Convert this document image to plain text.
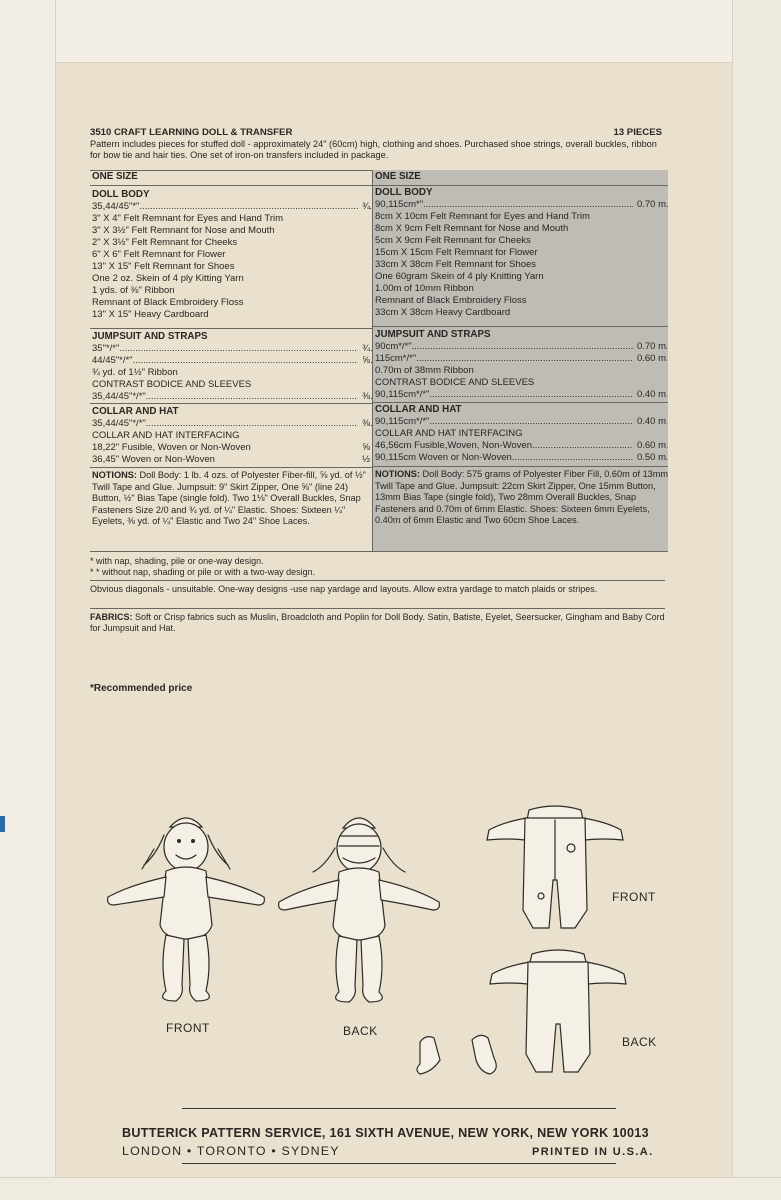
3510 CRAFT LEARNING DOLL & TRANSFER	13 PIECES
Pattern includes pieces for stuffed doll - approximately 24" (60cm) high, clothing and shoes. Purchased shoe strings, overall buckles, ribbon for bow tie and hair ties. One set of iron-on transfers included in package.
ONE SIZE
DOLL BODY
35,44/45"*" .....	¾
3" X 4" Felt Remnant for Eyes and Hand Trim
3" X 3½" Felt Remnant for Nose and Mouth
2" X 3½" Felt Remnant for Cheeks
6" X 6" Felt Remnant for Flower
13" X 15" Felt Remnant for Shoes
One 2 oz. Skein of 4 ply Kitting Yarn
1 yds. of ⅜" Ribbon
Remnant of Black Embroidery Floss
13" X 15" Heavy Cardboard
JUMPSUIT AND STRAPS
35"*/*" .....	¾
44/45"*/*" .....	⅝
¾ yd. of 1½" Ribbon
CONTRAST BODICE AND SLEEVES
35,44/45"*/*" .....	⅜
COLLAR AND HAT
35,44/45"*/*" .....	⅜
COLLAR AND HAT INTERFACING
18,22" Fusible, Woven or Non-Woven	⅝
36,45" Woven or Non-Woven	½
NOTIONS: Doll Body: 1 lb. 4 ozs. of Polyester Fiber-fill, ⅝ yd. of ½" Twill Tape and Glue. Jumpsuit: 9" Skirt Zipper, One ⅝" (line 24) Button, ½" Bias Tape (single fold). Two 1⅛" Overall Buckles, Snap Fasteners Size 2/0 and ¾ yd. of ¼" Elastic. Shoes: Sixteen ¼" Eyelets, ⅜ yd. of ¼" Elastic and Two 24" Shoe Laces.
ONE SIZE
DOLL BODY
90,115cm*" .....	0.70 m
8cm X 10cm Felt Remnant for Eyes and Hand Trim
8cm X 9cm Felt Remnant for Nose and Mouth
5cm X 9cm Felt Remnant for Cheeks
15cm X 15cm Felt Remnant for Flower
33cm X 38cm Felt Remnant for Shoes
One 60gram Skein of 4 ply Knitting Yarn
1.00m of 10mm Ribbon
Remnant of Black Embroidery Floss
33cm X 38cm Heavy Cardboard
JUMPSUIT AND STRAPS
90cm*/*" .....	0.70 m
115cm*/*" .....	0.60 m
0.70m of 38mm Ribbon
CONTRAST BODICE AND SLEEVES
90,115cm*/*" .....	0.40 m
COLLAR AND HAT
90,115cm*/*" .....	0.40 m
COLLAR AND HAT INTERFACING
46,56cm Fusible,Woven, Non-Woven .....	0.60 m
90,115cm Woven or Non-Woven .....	0.50 m
NOTIONS: Doll Body: 575 grams of Polyester Fiber Fill, 0.60m of 13mm Twill Tape and Glue. Jumpsuit: 22cm Skirt Zipper, One 15mm Button, 13mm Bias Tape (single fold), Two 28mm Overall Buckles, Snap Fasteners and 0.70m of 6mm Elastic. Shoes: Sixteen 6mm Eyelets, 0.40m of 6mm Elastic and Two 60cm Shoe Laces.
* with nap, shading, pile or one-way design.
* * without nap, shading or pile or with a two-way design.
Obvious diagonals - unsuitable. One-way designs -use nap yardage and layouts. Allow extra yardage to match plaids or stripes.
FABRICS: Soft or Crisp fabrics such as Muslin, Broadcloth and Poplin for Doll Body. Satin, Batiste, Eyelet, Seersucker, Gingham and Baby Cord for Jumpsuit and Hat.
*Recommended price
FRONT	BACK
FRONT
BACK
BUTTERICK PATTERN SERVICE, 161 SIXTH AVENUE, NEW YORK, NEW YORK 10013
LONDON • TORONTO • SYDNEY	PRINTED IN U.S.A.
